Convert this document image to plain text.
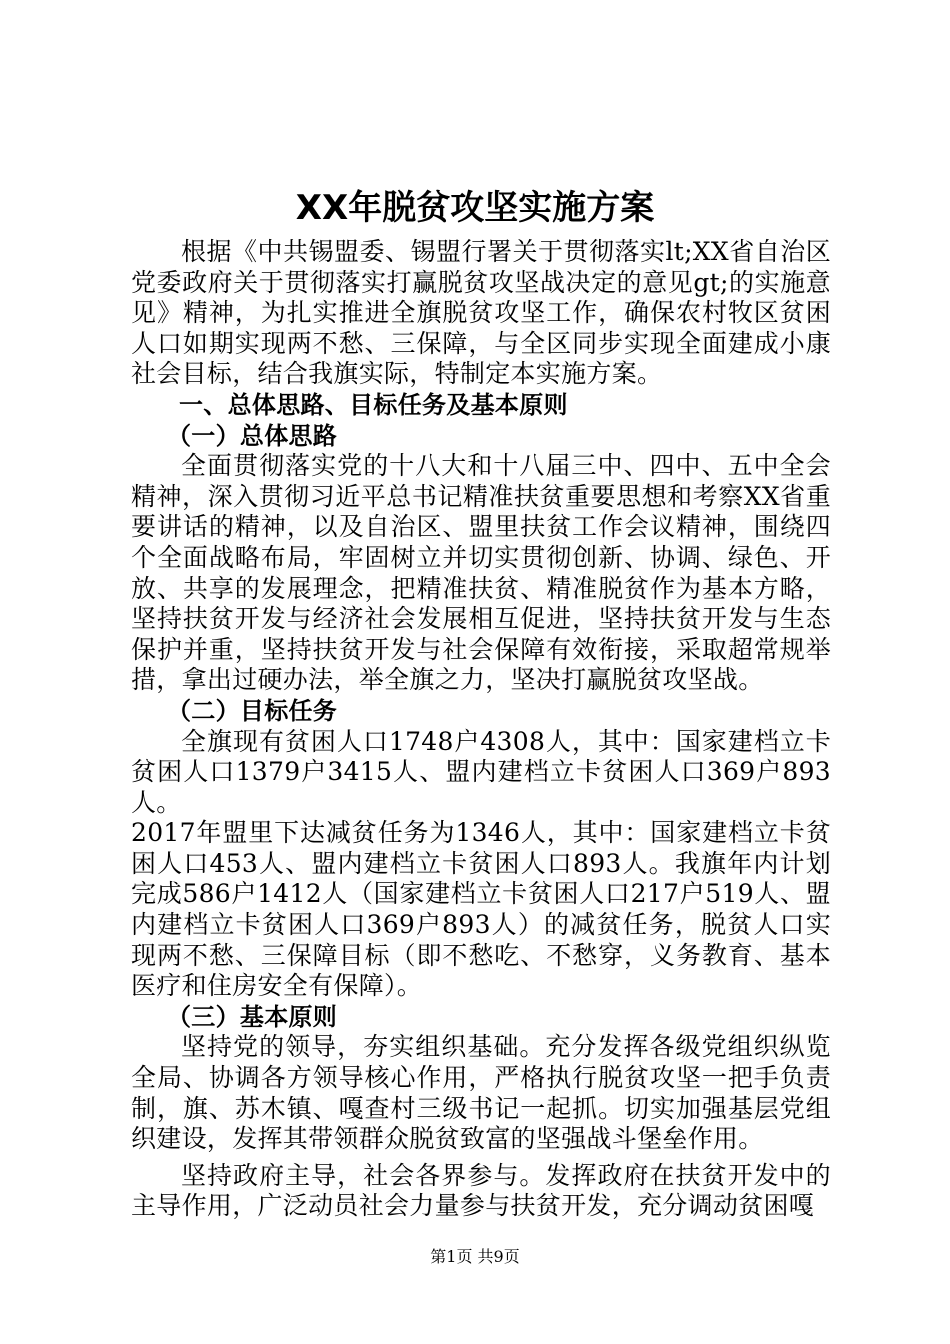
XX年脱贫攻坚实施方案

根据《中共锡盟委、锡盟行署关于贯彻落实lt;XX省自治区党委政府关于贯彻落实打赢脱贫攻坚战决定的意见gt;的实施意见》精神，为扎实推进全旗脱贫攻坚工作，确保农村牧区贫困人口如期实现两不愁、三保障，与全区同步实现全面建成小康社会目标，结合我旗实际，特制定本实施方案。

一、总体思路、目标任务及基本原则
（一）总体思路

全面贯彻落实党的十八大和十八届三中、四中、五中全会精神，深入贯彻习近平总书记精准扶贫重要思想和考察XX省重要讲话的精神，以及自治区、盟里扶贫工作会议精神，围绕四个全面战略布局，牢固树立并切实贯彻创新、协调、绿色、开放、共享的发展理念，把精准扶贫、精准脱贫作为基本方略，坚持扶贫开发与经济社会发展相互促进，坚持扶贫开发与生态保护并重，坚持扶贫开发与社会保障有效衔接，采取超常规举措，拿出过硬办法，举全旗之力，坚决打赢脱贫攻坚战。

（二）目标任务

全旗现有贫困人口1748户4308人，其中：国家建档立卡贫困人口1379户3415人、盟内建档立卡贫困人口369户893人。

2017年盟里下达减贫任务为1346人，其中：国家建档立卡贫困人口453人、盟内建档立卡贫困人口893人。我旗年内计划完成586户1412人（国家建档立卡贫困人口217户519人、盟内建档立卡贫困人口369户893人）的减贫任务，脱贫人口实现两不愁、三保障目标（即不愁吃、不愁穿，义务教育、基本医疗和住房安全有保障）。

（三）基本原则

坚持党的领导，夯实组织基础。充分发挥各级党组织纵览全局、协调各方领导核心作用，严格执行脱贫攻坚一把手负责制，旗、苏木镇、嘎查村三级书记一起抓。切实加强基层党组织建设，发挥其带领群众脱贫致富的坚强战斗堡垒作用。

坚持政府主导，社会各界参与。发挥政府在扶贫开发中的主导作用，广泛动员社会力量参与扶贫开发，充分调动贫困嘎

第1页 共9页
